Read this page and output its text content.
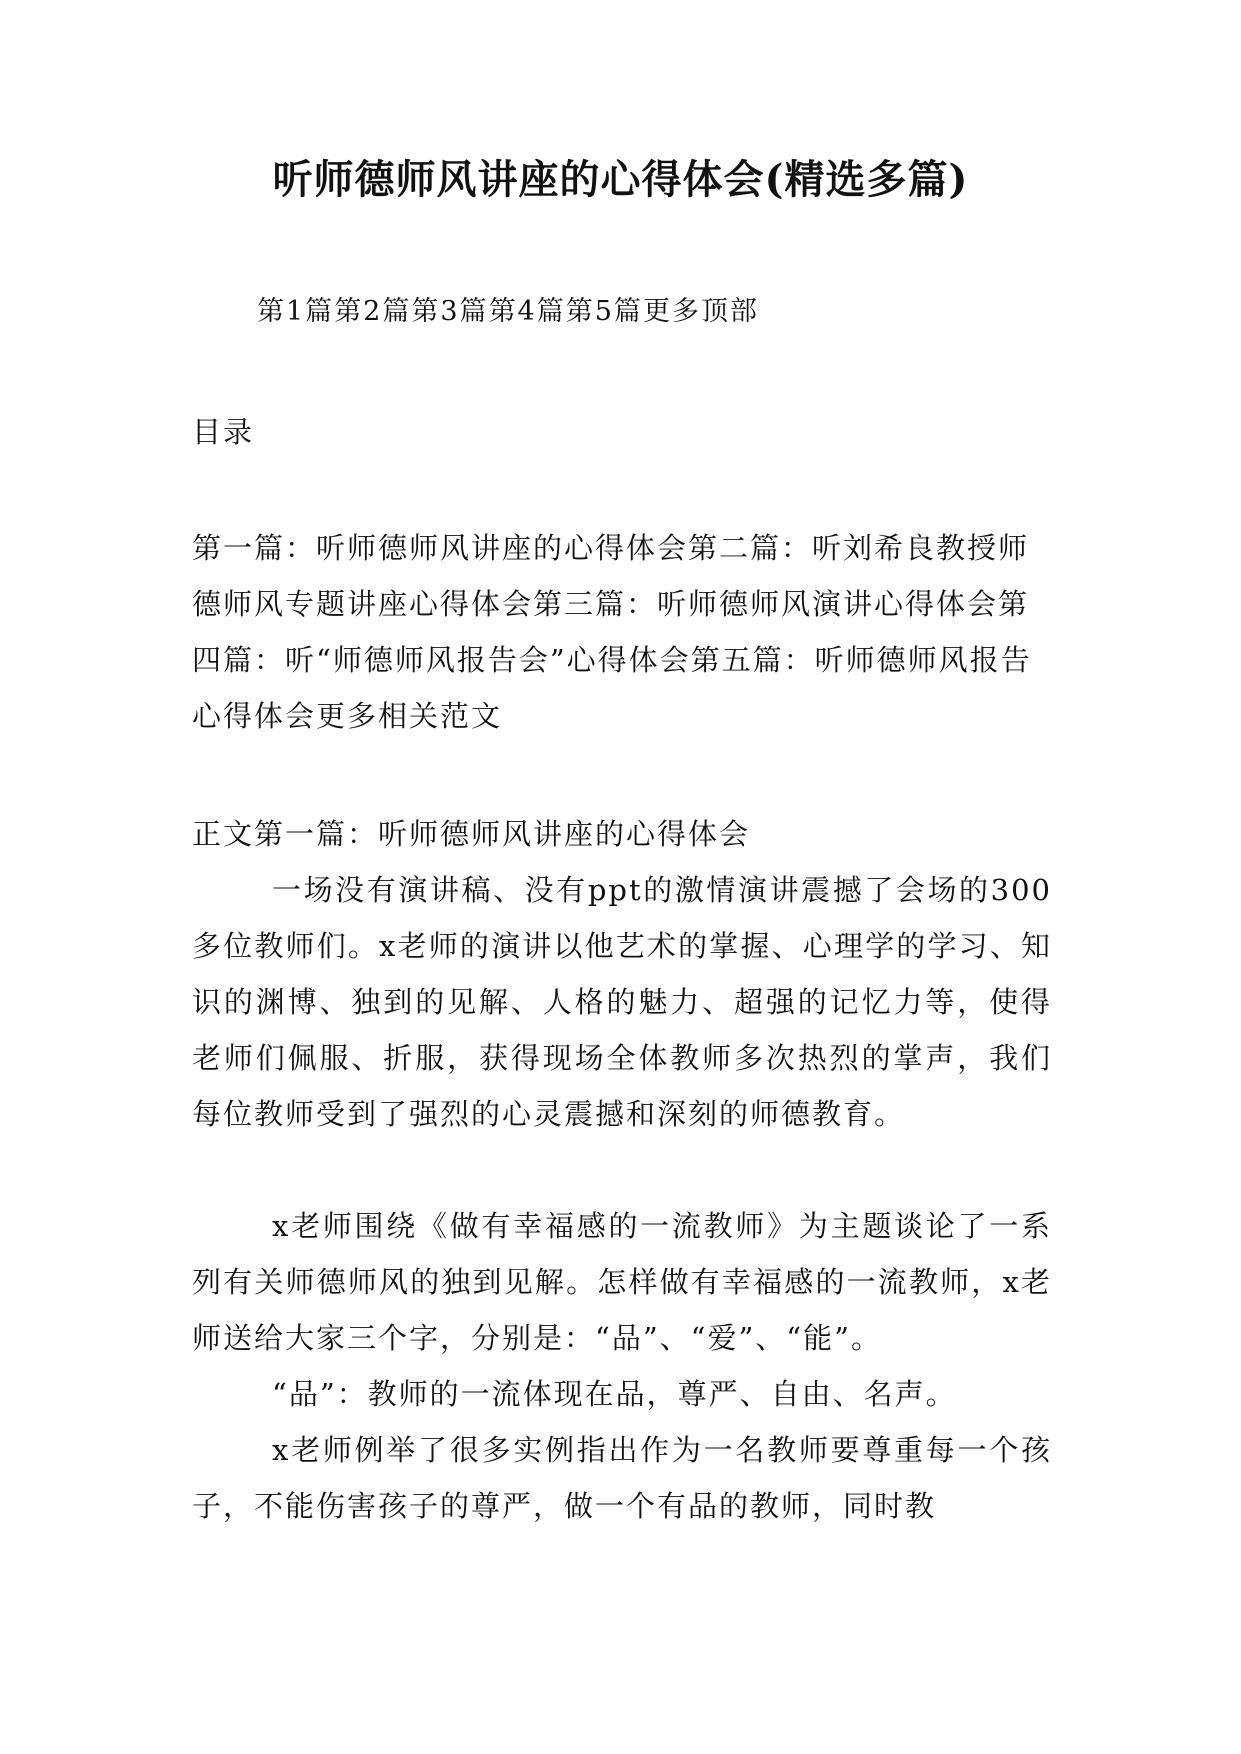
听师德师风讲座的心得体会(精选多篇)
第1篇第2篇第3篇第4篇第5篇更多顶部
目录
第一篇：听师德师风讲座的心得体会第二篇：听刘希良教授师德师风专题讲座心得体会第三篇：听师德师风演讲心得体会第四篇：听“师德师风报告会”心得体会第五篇：听师德师风报告心得体会更多相关范文
正文第一篇：听师德师风讲座的心得体会
一场没有演讲稿、没有ppt的激情演讲震撼了会场的300多位教师们。x老师的演讲以他艺术的掌握、心理学的学习、知识的渊博、独到的见解、人格的魅力、超强的记忆力等，使得老师们佩服、折服，获得现场全体教师多次热烈的掌声，我们每位教师受到了强烈的心灵震撼和深刻的师德教育。
x老师围绕《做有幸福感的一流教师》为主题谈论了一系列有关师德师风的独到见解。怎样做有幸福感的一流教师，x老师送给大家三个字，分别是：“品”、“爱”、“能”。
“品”：教师的一流体现在品，尊严、自由、名声。
x老师例举了很多实例指出作为一名教师要尊重每一个孩子，不能伤害孩子的尊严，做一个有品的教师，同时教
